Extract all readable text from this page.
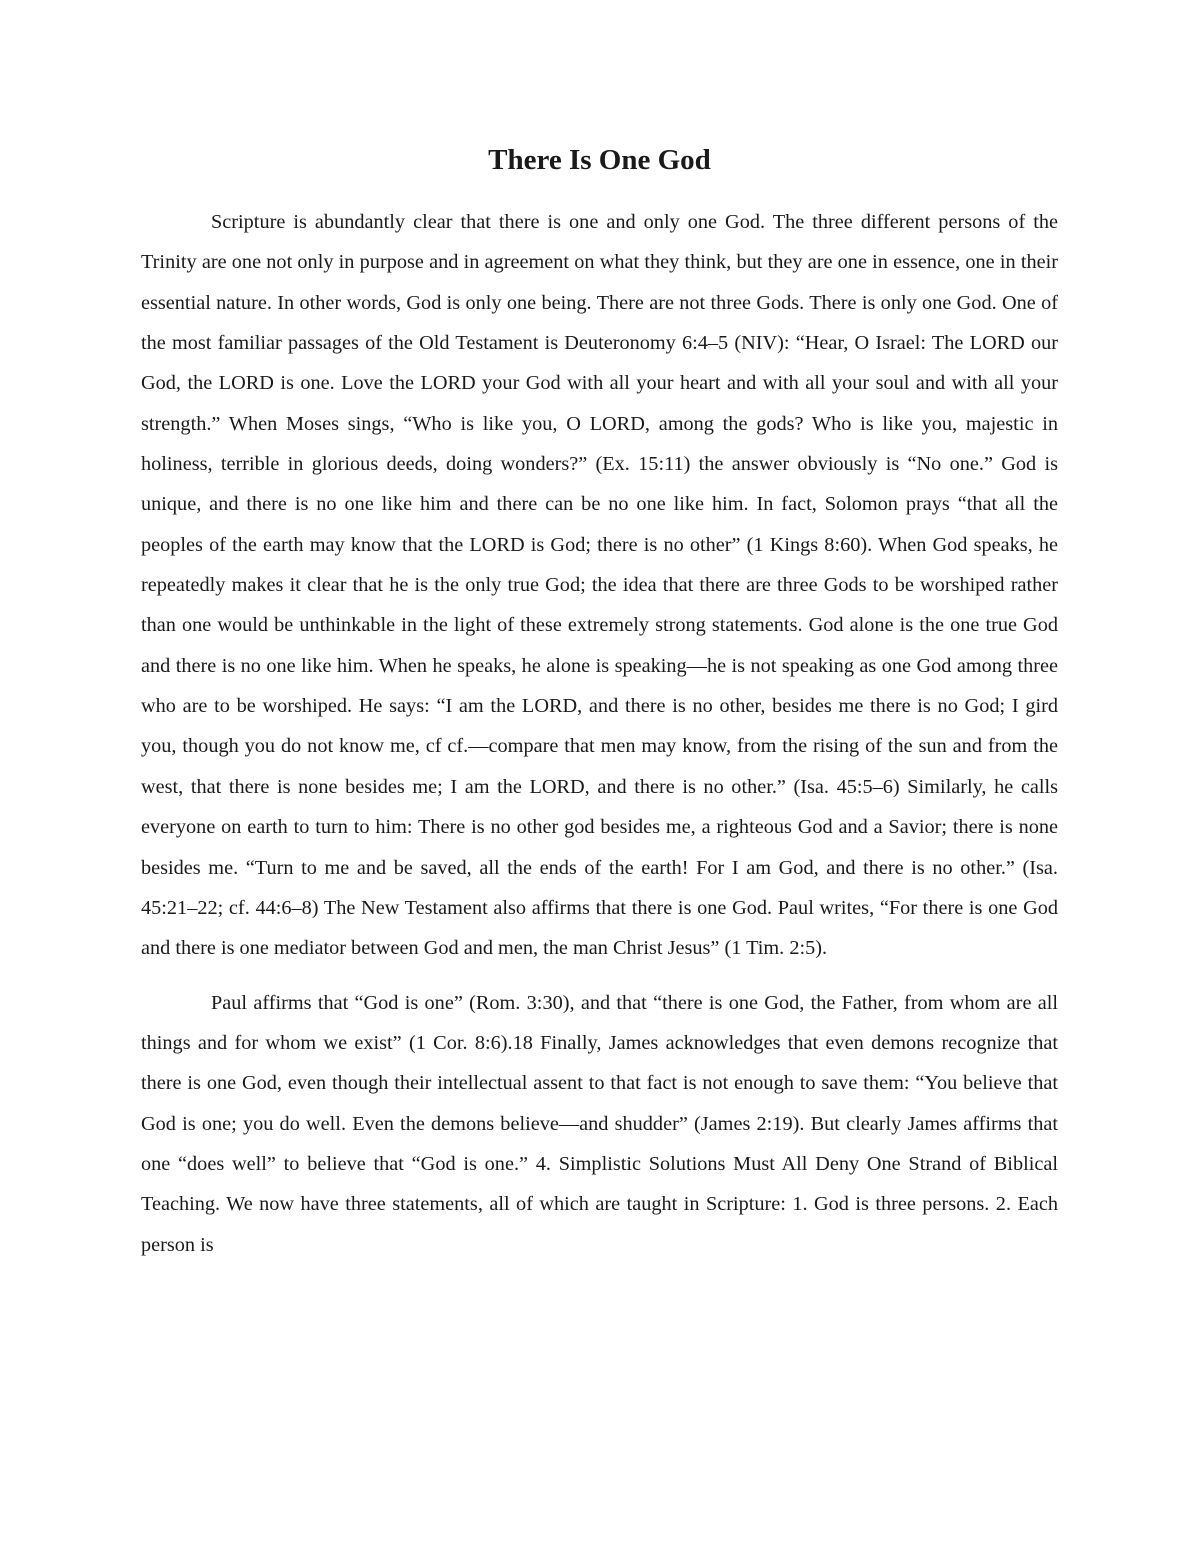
There Is One God

Scripture is abundantly clear that there is one and only one God. The three different persons of the Trinity are one not only in purpose and in agreement on what they think, but they are one in essence, one in their essential nature. In other words, God is only one being. There are not three Gods. There is only one God. One of the most familiar passages of the Old Testament is Deuteronomy 6:4–5 (NIV): “Hear, O Israel: The LORD our God, the LORD is one. Love the LORD your God with all your heart and with all your soul and with all your strength.” When Moses sings, “Who is like you, O LORD, among the gods? Who is like you, majestic in holiness, terrible in glorious deeds, doing wonders?” (Ex. 15:11) the answer obviously is “No one.” God is unique, and there is no one like him and there can be no one like him. In fact, Solomon prays “that all the peoples of the earth may know that the LORD is God; there is no other” (1 Kings 8:60). When God speaks, he repeatedly makes it clear that he is the only true God; the idea that there are three Gods to be worshiped rather than one would be unthinkable in the light of these extremely strong statements. God alone is the one true God and there is no one like him. When he speaks, he alone is speaking—he is not speaking as one God among three who are to be worshiped. He says: “I am the LORD, and there is no other, besides me there is no God; I gird you, though you do not know me, cf cf.—compare that men may know, from the rising of the sun and from the west, that there is none besides me; I am the LORD, and there is no other.” (Isa. 45:5–6) Similarly, he calls everyone on earth to turn to him: There is no other god besides me, a righteous God and a Savior; there is none besides me. “Turn to me and be saved, all the ends of the earth! For I am God, and there is no other.” (Isa. 45:21–22; cf. 44:6–8) The New Testament also affirms that there is one God. Paul writes, “For there is one God and there is one mediator between God and men, the man Christ Jesus” (1 Tim. 2:5).

Paul affirms that “God is one” (Rom. 3:30), and that “there is one God, the Father, from whom are all things and for whom we exist” (1 Cor. 8:6).18 Finally, James acknowledges that even demons recognize that there is one God, even though their intellectual assent to that fact is not enough to save them: “You believe that God is one; you do well. Even the demons believe—and shudder” (James 2:19). But clearly James affirms that one “does well” to believe that “God is one.” 4. Simplistic Solutions Must All Deny One Strand of Biblical Teaching. We now have three statements, all of which are taught in Scripture: 1. God is three persons. 2. Each person is
